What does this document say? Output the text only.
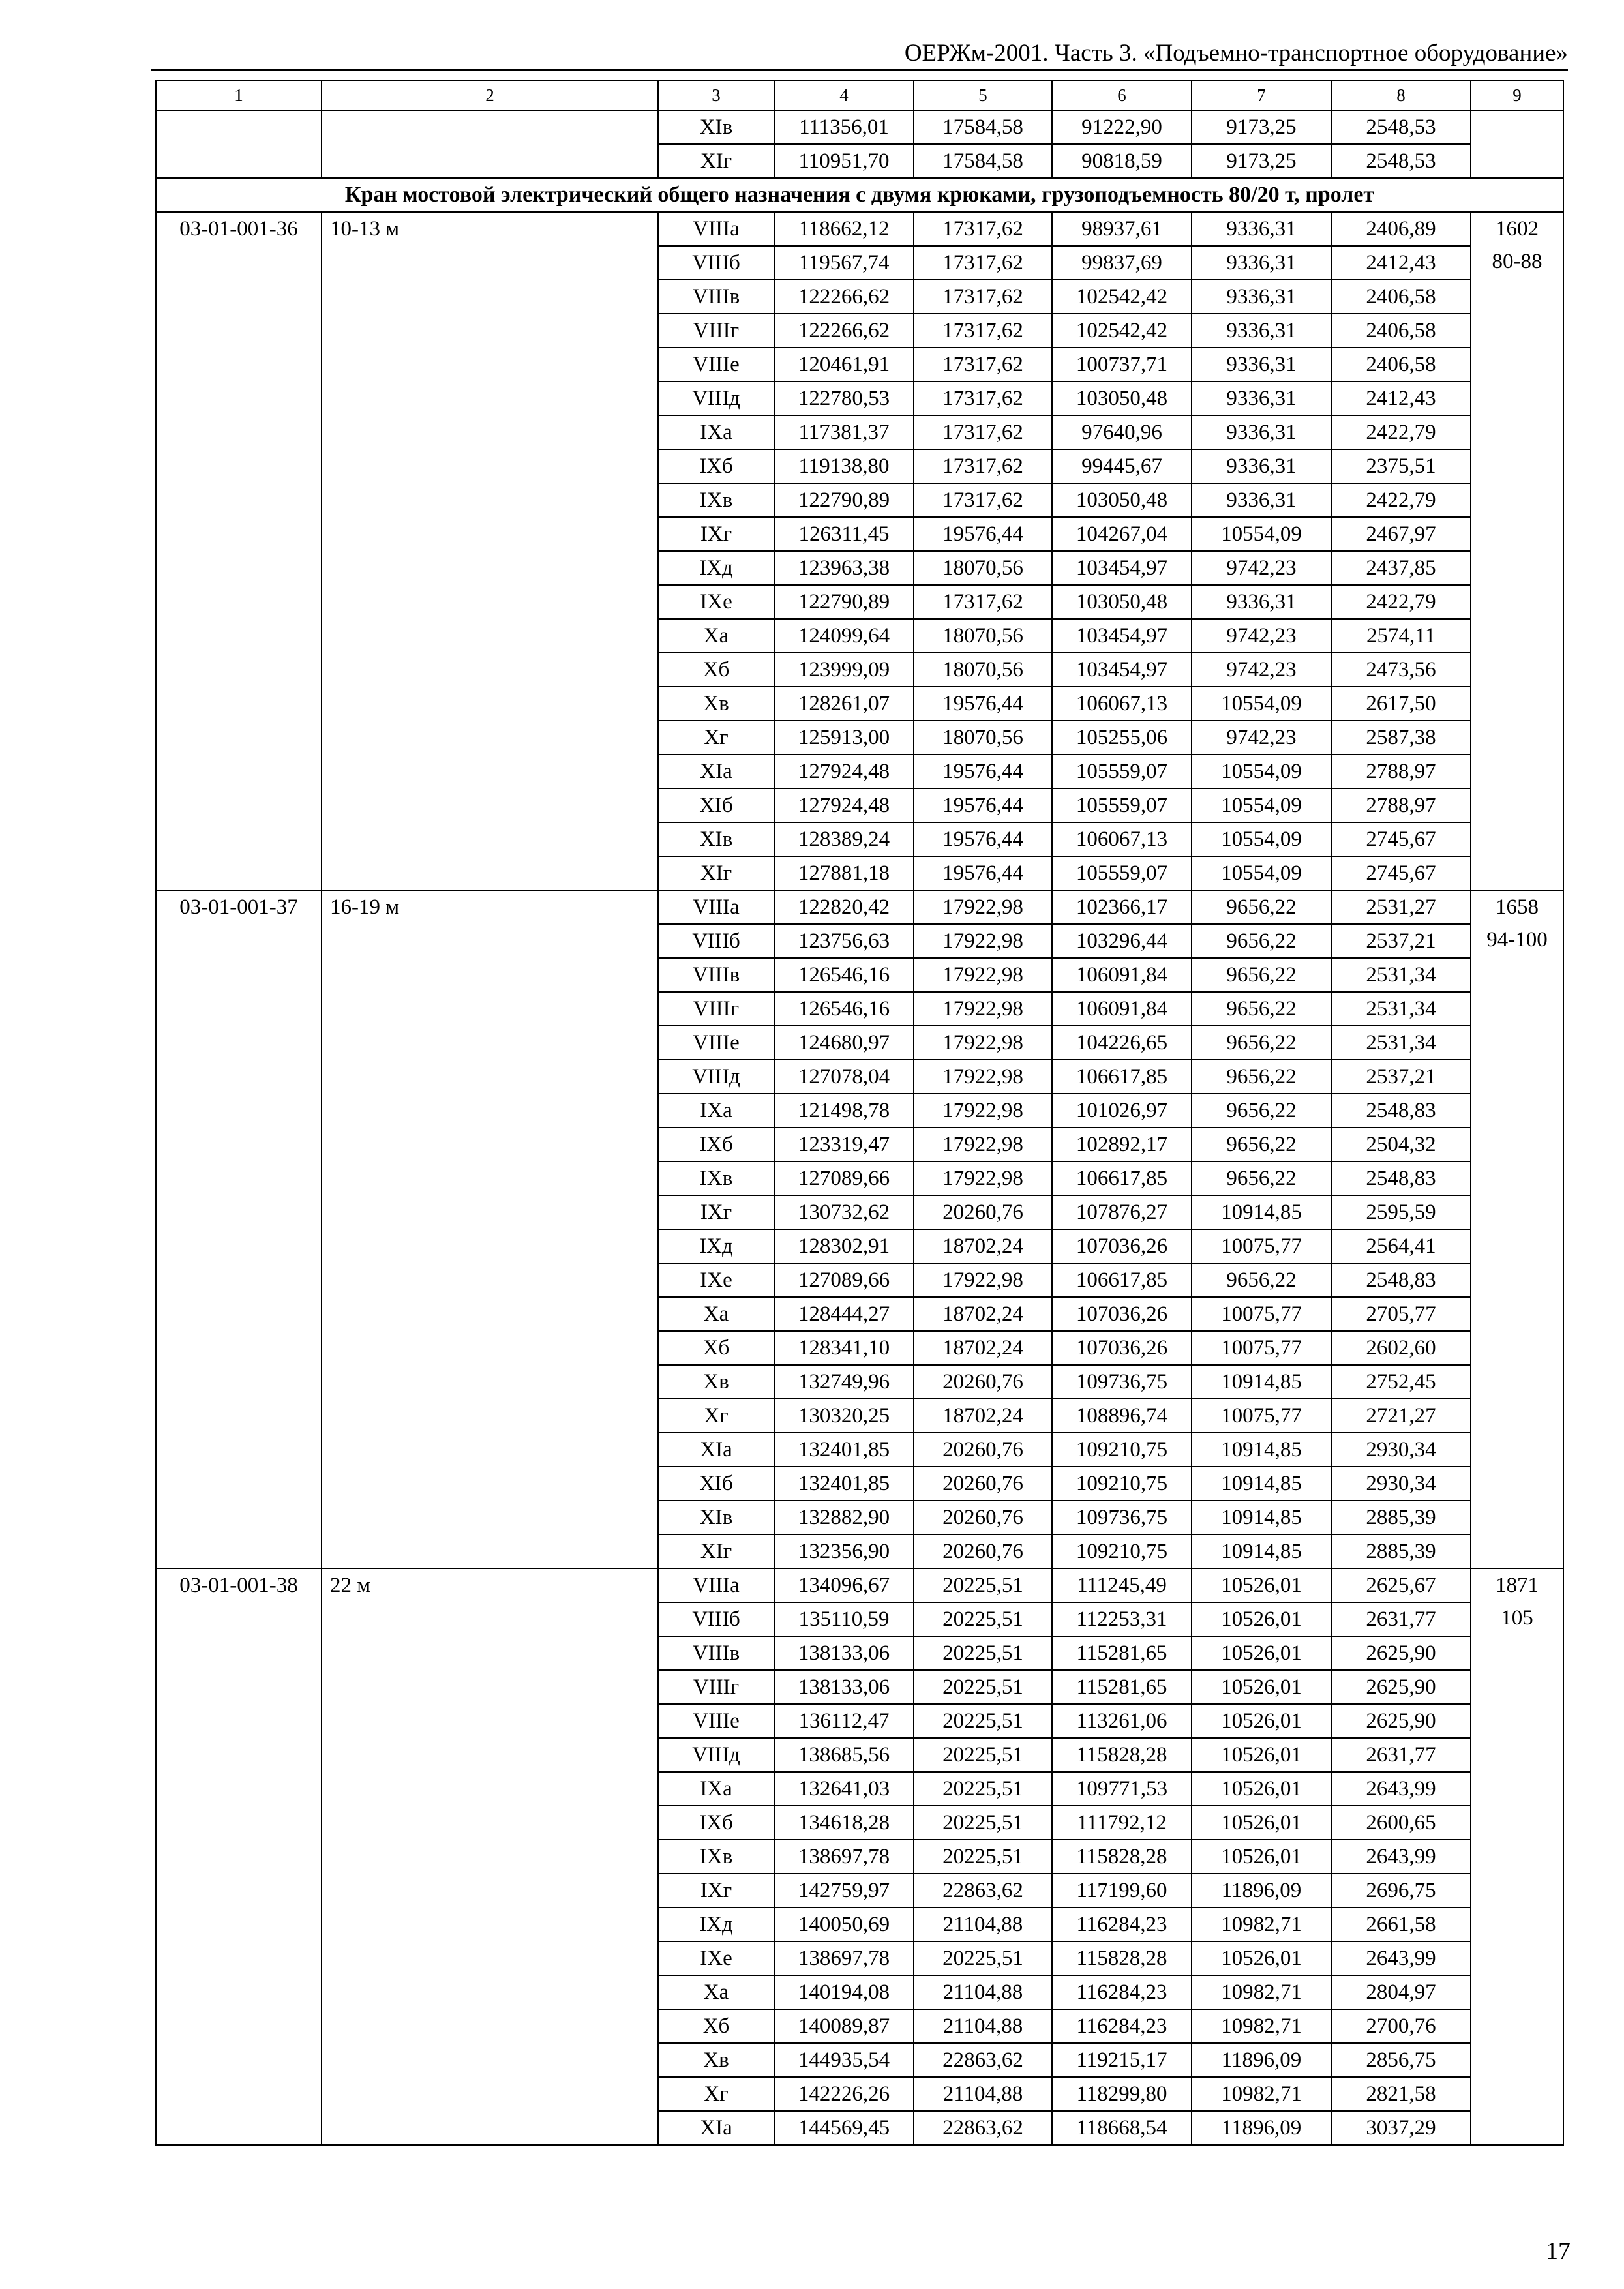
ОЕРЖм-2001. Часть 3. «Подъемно-транспортное оборудование»
1	2	3	4	5	6	7	8	9
		XIв	111356,01	17584,58	91222,90	9173,25	2548,53	
		XIг	110951,70	17584,58	90818,59	9173,25	2548,53	
Кран мостовой электрический общего назначения с двумя крюками, грузоподъемность 80/20 т, пролет								
03-01-001-36	10-13 м	VIIIа	118662,12	17317,62	98937,61	9336,31	2406,89	1602
80-88

		VIIIб	119567,74	17317,62	99837,69	9336,31	2412,43	
		VIIIв	122266,62	17317,62	102542,42	9336,31	2406,58	
		VIIIг	122266,62	17317,62	102542,42	9336,31	2406,58	
		VIIIе	120461,91	17317,62	100737,71	9336,31	2406,58	
		VIIIд	122780,53	17317,62	103050,48	9336,31	2412,43	
		IXа	117381,37	17317,62	97640,96	9336,31	2422,79	
		IXб	119138,80	17317,62	99445,67	9336,31	2375,51	
		IXв	122790,89	17317,62	103050,48	9336,31	2422,79	
		IXг	126311,45	19576,44	104267,04	10554,09	2467,97	
		IXд	123963,38	18070,56	103454,97	9742,23	2437,85	
		IXе	122790,89	17317,62	103050,48	9336,31	2422,79	
		Xа	124099,64	18070,56	103454,97	9742,23	2574,11	
		Xб	123999,09	18070,56	103454,97	9742,23	2473,56	
		Xв	128261,07	19576,44	106067,13	10554,09	2617,50	
		Xг	125913,00	18070,56	105255,06	9742,23	2587,38	
		XIа	127924,48	19576,44	105559,07	10554,09	2788,97	
		XIб	127924,48	19576,44	105559,07	10554,09	2788,97	
		XIв	128389,24	19576,44	106067,13	10554,09	2745,67	
		XIг	127881,18	19576,44	105559,07	10554,09	2745,67	
03-01-001-37	16-19 м	VIIIа	122820,42	17922,98	102366,17	9656,22	2531,27	1658
94-100

		VIIIб	123756,63	17922,98	103296,44	9656,22	2537,21	
		VIIIв	126546,16	17922,98	106091,84	9656,22	2531,34	
		VIIIг	126546,16	17922,98	106091,84	9656,22	2531,34	
		VIIIе	124680,97	17922,98	104226,65	9656,22	2531,34	
		VIIIд	127078,04	17922,98	106617,85	9656,22	2537,21	
		IXа	121498,78	17922,98	101026,97	9656,22	2548,83	
		IXб	123319,47	17922,98	102892,17	9656,22	2504,32	
		IXв	127089,66	17922,98	106617,85	9656,22	2548,83	
		IXг	130732,62	20260,76	107876,27	10914,85	2595,59	
		IXд	128302,91	18702,24	107036,26	10075,77	2564,41	
		IXе	127089,66	17922,98	106617,85	9656,22	2548,83	
		Xа	128444,27	18702,24	107036,26	10075,77	2705,77	
		Xб	128341,10	18702,24	107036,26	10075,77	2602,60	
		Xв	132749,96	20260,76	109736,75	10914,85	2752,45	
		Xг	130320,25	18702,24	108896,74	10075,77	2721,27	
		XIа	132401,85	20260,76	109210,75	10914,85	2930,34	
		XIб	132401,85	20260,76	109210,75	10914,85	2930,34	
		XIв	132882,90	20260,76	109736,75	10914,85	2885,39	
		XIг	132356,90	20260,76	109210,75	10914,85	2885,39	
03-01-001-38	22 м	VIIIа	134096,67	20225,51	111245,49	10526,01	2625,67	1871
105

		VIIIб	135110,59	20225,51	112253,31	10526,01	2631,77	
		VIIIв	138133,06	20225,51	115281,65	10526,01	2625,90	
		VIIIг	138133,06	20225,51	115281,65	10526,01	2625,90	
		VIIIе	136112,47	20225,51	113261,06	10526,01	2625,90	
		VIIIд	138685,56	20225,51	115828,28	10526,01	2631,77	
		IXа	132641,03	20225,51	109771,53	10526,01	2643,99	
		IXб	134618,28	20225,51	111792,12	10526,01	2600,65	
		IXв	138697,78	20225,51	115828,28	10526,01	2643,99	
		IXг	142759,97	22863,62	117199,60	11896,09	2696,75	
		IXд	140050,69	21104,88	116284,23	10982,71	2661,58	
		IXе	138697,78	20225,51	115828,28	10526,01	2643,99	
		Xа	140194,08	21104,88	116284,23	10982,71	2804,97	
		Xб	140089,87	21104,88	116284,23	10982,71	2700,76	
		Xв	144935,54	22863,62	119215,17	11896,09	2856,75	
		Xг	142226,26	21104,88	118299,80	10982,71	2821,58	
		XIа	144569,45	22863,62	118668,54	11896,09	3037,29	
17
